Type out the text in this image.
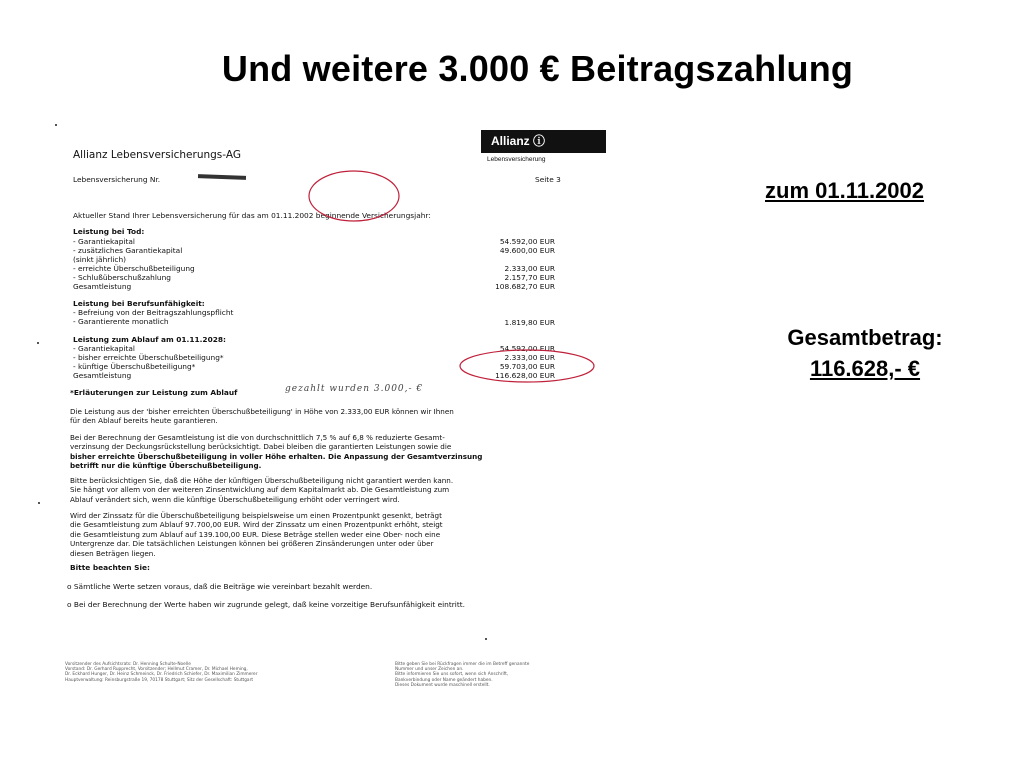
Und weitere 3.000 € Beitragszahlung
zum 01.11.2002
Gesamtbetrag:
116.628,- €
Allianz Lebensversicherungs-AG
Allianz ⓘ
Lebensversicherung
Lebensversicherung Nr.	Seite 3
Aktueller Stand Ihrer Lebensversicherung für das am 01.11.2002 beginnende Versicherungsjahr:
Leistung bei Tod:
- Garantiekapital	54.592,00 EUR
- zusätzliches Garantiekapital	49.600,00 EUR
(sinkt jährlich)
- erreichte Überschußbeteiligung	2.333,00 EUR
- Schlußüberschußzahlung	2.157,70 EUR
Gesamtleistung	108.682,70 EUR
Leistung bei Berufsunfähigkeit:
- Befreiung von der Beitragszahlungspflicht
- Garantierente monatlich	1.819,80 EUR
Leistung zum Ablauf am 01.11.2028:
- Garantiekapital	54.592,00 EUR
- bisher erreichte Überschußbeteiligung*	2.333,00 EUR
- künftige Überschußbeteiligung*	59.703,00 EUR
Gesamtleistung	116.628,00 EUR
*Erläuterungen zur Leistung zum Ablauf	gezahlt wurden 3.000,- €
Die Leistung aus der 'bisher erreichten Überschußbeteiligung' in Höhe von 2.333,00 EUR können wir Ihnen
für den Ablauf bereits heute garantieren.
Bei der Berechnung der Gesamtleistung ist die von durchschnittlich 7,5 % auf 6,8 % reduzierte Gesamt-
verzinsung der Deckungsrückstellung berücksichtigt. Dabei bleiben die garantierten Leistungen sowie die
bisher erreichte Überschußbeteiligung in voller Höhe erhalten. Die Anpassung der Gesamtverzinsung
betrifft nur die künftige Überschußbeteiligung.
Bitte berücksichtigen Sie, daß die Höhe der künftigen Überschußbeteiligung nicht garantiert werden kann.
Sie hängt vor allem von der weiteren Zinsentwicklung auf dem Kapitalmarkt ab. Die Gesamtleistung zum
Ablauf verändert sich, wenn die künftige Überschußbeteiligung erhöht oder verringert wird.
Wird der Zinssatz für die Überschußbeteiligung beispielsweise um einen Prozentpunkt gesenkt, beträgt
die Gesamtleistung zum Ablauf 97.700,00 EUR. Wird der Zinssatz um einen Prozentpunkt erhöht, steigt
die Gesamtleistung zum Ablauf auf 139.100,00 EUR. Diese Beträge stellen weder eine Ober- noch eine
Untergrenze dar. Die tatsächlichen Leistungen können bei größeren Zinsänderungen unter oder über
diesen Beträgen liegen.
Bitte beachten Sie:
o Sämtliche Werte setzen voraus, daß die Beiträge wie vereinbart bezahlt werden.
o Bei der Berechnung der Werte haben wir zugrunde gelegt, daß keine vorzeitige Berufsunfähigkeit eintritt.
Vorsitzender des Aufsichtsrats: Dr. Henning Schulte-Noelle
Vorstand: Dr. Gerhard Rupprecht, Vorsitzender; Hellmut Cramer, Dr. Michael Heming,
Dr. Eckhard Hunger, Dr. Heinz Schmeinck, Dr. Friedrich Schiefer, Dr. Maximilian Zimmerer
Hauptverwaltung: Reinsburgstraße 19, 70178 Stuttgart; Sitz der Gesellschaft: Stuttgart
Bitte geben Sie bei Rückfragen immer die im Betreff genannte
Nummer und unser Zeichen an.
Bitte informieren Sie uns sofort, wenn sich Anschrift,
Bankverbindung oder Name geändert haben.
Dieses Dokument wurde maschinell erstellt.
